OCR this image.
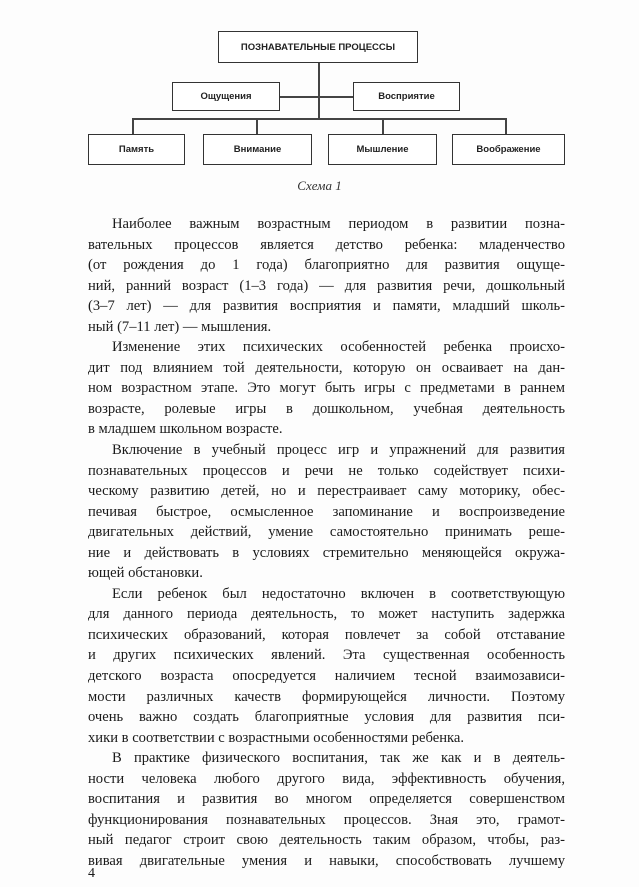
ПОЗНАВАТЕЛЬНЫЕ ПРОЦЕССЫ
Ощущения	Восприятие
Память	Внимание	Мышление	Воображение
Схема 1
Наиболее важным возрастным периодом в развитии позна-
вательных процессов является детство ребенка: младенчество
(от рождения до 1 года) благоприятно для развития ощуще-
ний, ранний возраст (1–3 года) — для развития речи, дошкольный
(3–7 лет) — для развития восприятия и памяти, младший школь-
ный (7–11 лет) — мышления.
Изменение этих психических особенностей ребенка происхо-
дит под влиянием той деятельности, которую он осваивает на дан-
ном возрастном этапе. Это могут быть игры с предметами в раннем
возрасте, ролевые игры в дошкольном, учебная деятельность
в младшем школьном возрасте.
Включение в учебный процесс игр и упражнений для развития
познавательных процессов и речи не только содействует психи-
ческому развитию детей, но и перестраивает саму моторику, обес-
печивая быстрое, осмысленное запоминание и воспроизведение
двигательных действий, умение самостоятельно принимать реше-
ние и действовать в условиях стремительно меняющейся окружа-
ющей обстановки.
Если ребенок был недостаточно включен в соответствующую
для данного периода деятельность, то может наступить задержка
психических образований, которая повлечет за собой отставание
и других психических явлений. Эта существенная особенность
детского возраста опосредуется наличием тесной взаимозависи-
мости различных качеств формирующейся личности. Поэтому
очень важно создать благоприятные условия для развития пси-
хики в соответствии с возрастными особенностями ребенка.
В практике физического воспитания, так же как и в деятель-
ности человека любого другого вида, эффективность обучения,
воспитания и развития во многом определяется совершенством
функционирования познавательных процессов. Зная это, грамот-
ный педагог строит свою деятельность таким образом, чтобы, раз-
вивая двигательные умения и навыки, способствовать лучшему
4
